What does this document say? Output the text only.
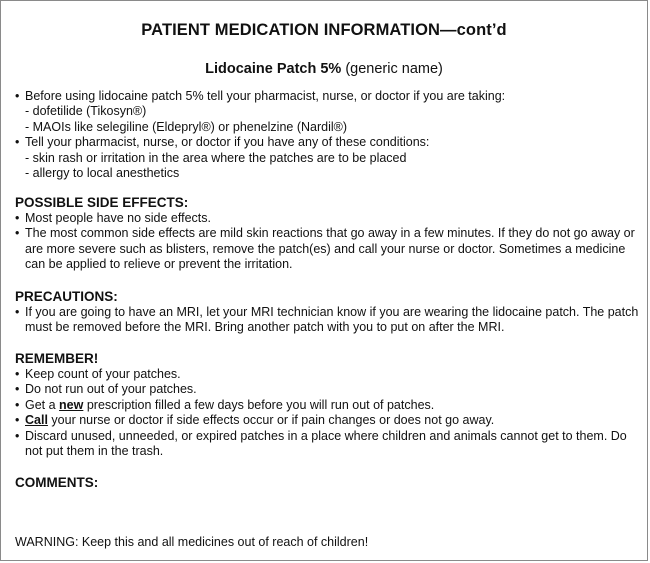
PATIENT MEDICATION INFORMATION—cont’d
Lidocaine Patch 5% (generic name)
• Before using lidocaine patch 5% tell your pharmacist, nurse, or doctor if you are taking:
- dofetilide (Tikosyn®)
- MAOIs like selegiline (Eldepryl®) or phenelzine (Nardil®)
• Tell your pharmacist, nurse, or doctor if you have any of these conditions:
- skin rash or irritation in the area where the patches are to be placed
- allergy to local anesthetics
POSSIBLE SIDE EFFECTS:
• Most people have no side effects.
• The most common side effects are mild skin reactions that go away in a few minutes. If they do not go away or are more severe such as blisters, remove the patch(es) and call your nurse or doctor. Sometimes a medicine can be applied to relieve or prevent the irritation.
PRECAUTIONS:
• If you are going to have an MRI, let your MRI technician know if you are wearing the lidocaine patch. The patch must be removed before the MRI. Bring another patch with you to put on after the MRI.
REMEMBER!
• Keep count of your patches.
• Do not run out of your patches.
• Get a new prescription filled a few days before you will run out of patches.
• Call your nurse or doctor if side effects occur or if pain changes or does not go away.
• Discard unused, unneeded, or expired patches in a place where children and animals cannot get to them. Do not put them in the trash.
COMMENTS:
WARNING: Keep this and all medicines out of reach of children!
